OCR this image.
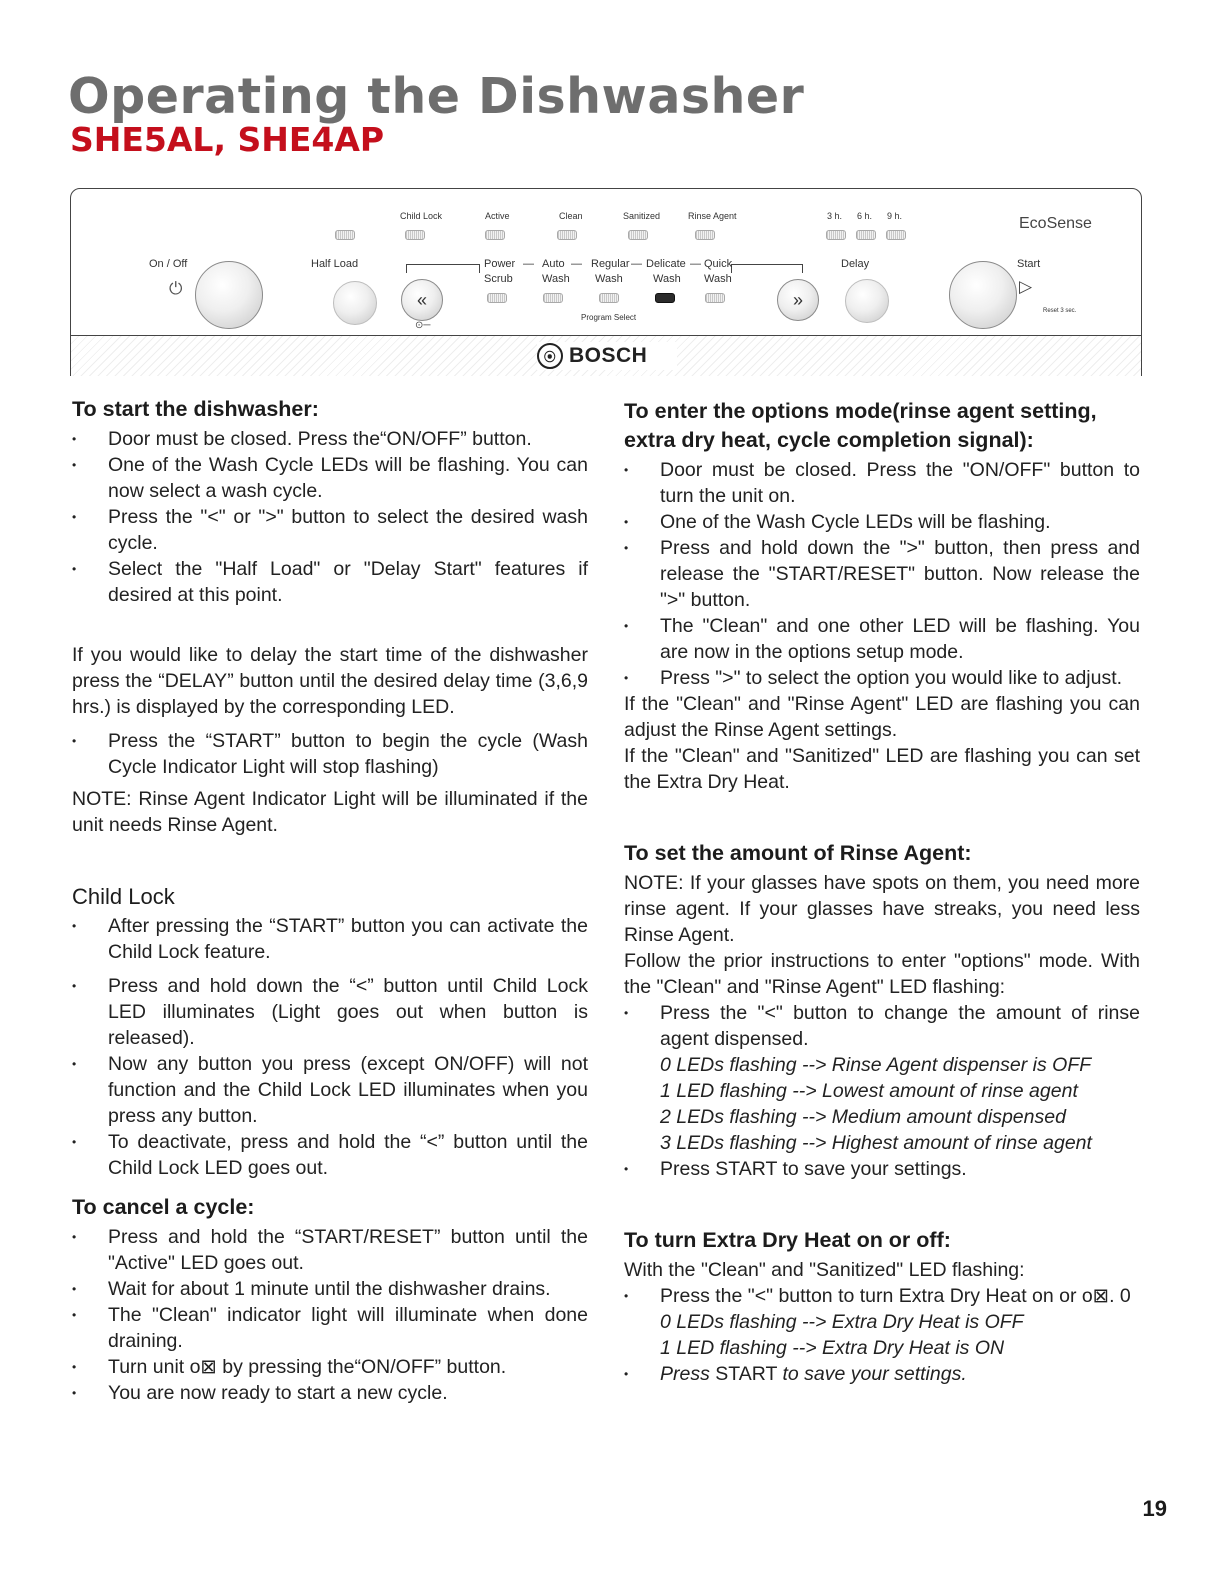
Operating the Dishwasher
SHE5AL, SHE4AP
Child Lock	Active	Clean	Sanitized	Rinse Agent	3 h. 6 h. 9 h.	EcoSense
On / Off
⏻
Half Load	Power
Scrub
— Auto
Wash
— Regular
Wash
— Delicate
Wash
— Quick
Wash
Program Select
«
⊙─
»
Delay	Start
▷
Reset 3 sec.
⦿ BOSCH
To start the dishwasher:
• Door must be closed. Press the“ON/OFF” button.
• One of the Wash Cycle LEDs will be flashing. You can now select a wash cycle.
• Press the "<" or ">" button to select the desired wash cycle.
• Select the "Half Load" or "Delay Start" features if desired at this point.

If you would like to delay the start time of the dishwasher press the “DELAY” button until the desired delay time (3,6,9 hrs.) is displayed by the corresponding LED.

• Press the “START” button to begin the cycle (Wash Cycle Indicator Light will stop flashing)

NOTE: Rinse Agent Indicator Light will be illuminated if the unit needs Rinse Agent.

Child Lock
• After pressing the “START” button you can activate the Child Lock feature.
• Press and hold down the “<” button until Child Lock LED illuminates (Light goes out when button is released).
• Now any button you press (except ON/OFF) will not function and the Child Lock LED illuminates when you press any button.
• To deactivate, press and hold the “<” button until the Child Lock LED goes out.
To cancel a cycle:
• Press and hold the “START/RESET” button until the "Active" LED goes out.
• Wait for about 1 minute until the dishwasher drains.
• The "Clean" indicator light will illuminate when done draining.
• Turn unit o⊠ by pressing the“ON/OFF” button.
• You are now ready to start a new cycle.
To enter the options mode(rinse agent setting, extra dry heat, cycle completion signal):
• Door must be closed. Press the "ON/OFF" button to turn the unit on.
• One of the Wash Cycle LEDs will be flashing.
• Press and hold down the ">" button, then press and release the "START/RESET" button. Now release the ">" button.
• The "Clean" and one other LED will be flashing. You are now in the options setup mode.
• Press ">" to select the option you would like to adjust.

If the "Clean" and "Rinse Agent" LED are flashing you can adjust the Rinse Agent settings.

If the "Clean" and "Sanitized" LED are flashing you can set the Extra Dry Heat.

To set the amount of Rinse Agent:

NOTE: If your glasses have spots on them, you need more rinse agent. If your glasses have streaks, you need less Rinse Agent.

Follow the prior instructions to enter "options" mode. With the "Clean" and "Rinse Agent" LED flashing:

• Press the "<" button to change the amount of rinse agent dispensed.
0 LEDs flashing --> Rinse Agent dispenser is OFF
1 LED flashing --> Lowest amount of rinse agent
2 LEDs flashing --> Medium amount dispensed
3 LEDs flashing --> Highest amount of rinse agent
• Press START to save your settings.
To turn Extra Dry Heat on or off:

With the "Clean" and "Sanitized" LED flashing:

• Press the "<" button to turn Extra Dry Heat on or o⊠. 0
0 LEDs flashing --> Extra Dry Heat is OFF
1 LED flashing --> Extra Dry Heat is ON
• Press START to save your settings.
19
